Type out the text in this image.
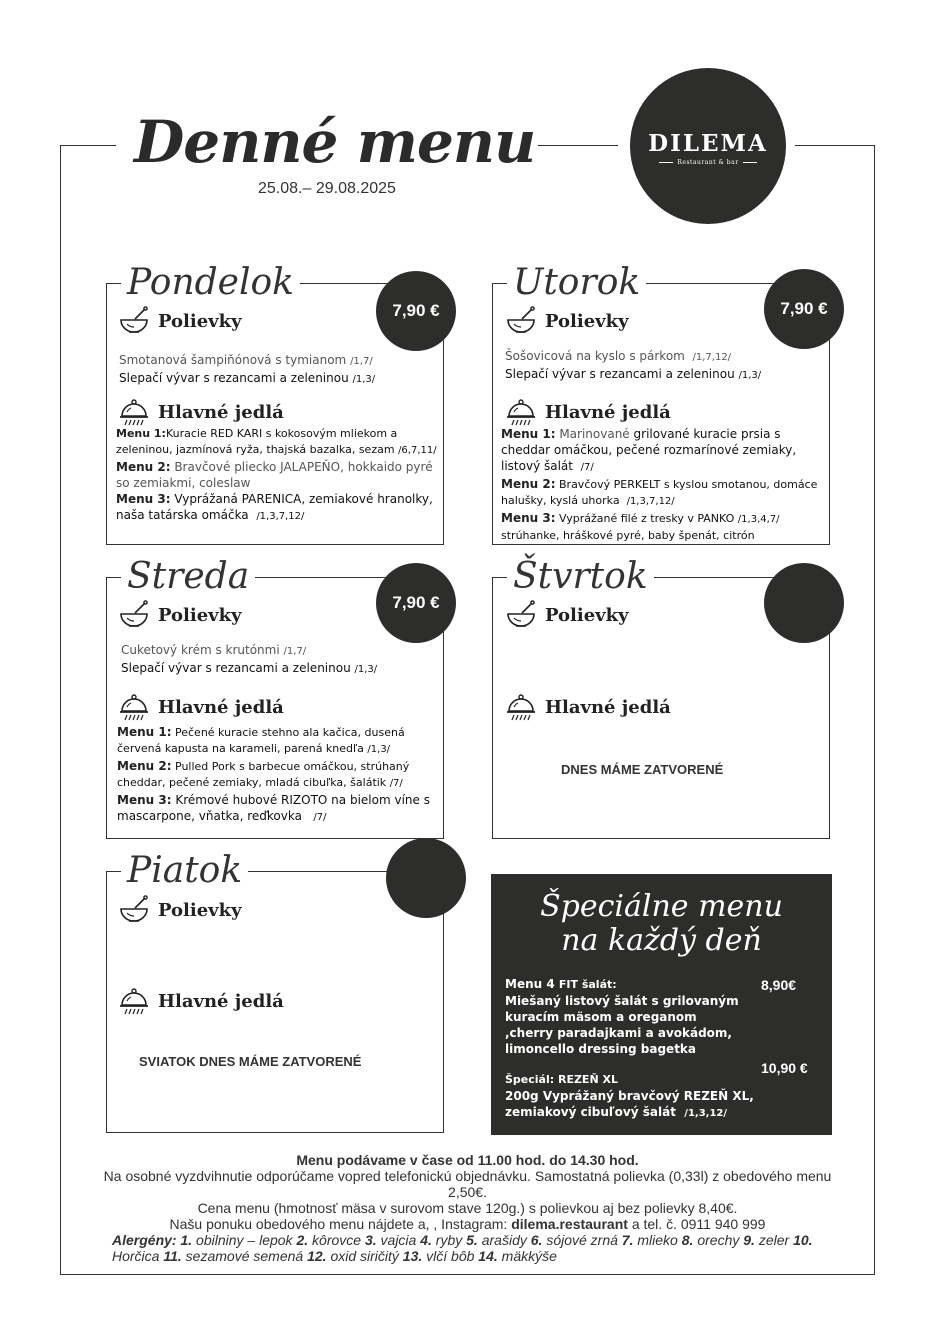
Denné menu
25.08.– 29.08.2025
DILEMA
Restaurant & bar
Pondelok
7,90 €
Polievky
Smotanová šampiňónová s tymianom /1,7/
Slepačí vývar s rezancami a zeleninou /1,3/
Hlavné jedlá
Menu 1:Kuracie RED KARI s kokosovým mliekom a zeleninou, jazmínová ryža, thajská bazalka, sezam /6,7,11/
Menu 2: Bravčové pliecko JALAPEŇO, hokkaido pyré so zemiakmi, coleslaw
Menu 3: Vyprážaná PARENICA, zemiakové hranolky, naša tatárska omáčka /1,3,7,12/
Utorok
7,90 €
Polievky
Šošovicová na kyslo s párkom /1,7,12/
Slepačí vývar s rezancami a zeleninou /1,3/
Hlavné jedlá
Menu 1: Marinované grilované kuracie prsia s cheddar omáčkou, pečené rozmarínové zemiaky, listový šalát /7/
Menu 2: Bravčový PERKELT s kyslou smotanou, domáce halušky, kyslá uhorka /1,3,7,12/
Menu 3: Vyprážané filé z tresky v PANKO /1,3,4,7/
strúhanke, hráškové pyré, baby špenát, citrón
Streda
7,90 €
Polievky
Cuketový krém s krutónmi /1,7/
Slepačí vývar s rezancami a zeleninou /1,3/
Hlavné jedlá
Menu 1: Pečené kuracie stehno ala kačica, dusená červená kapusta na karameli, parená knedľa /1,3/
Menu 2: Pulled Pork s barbecue omáčkou, strúhaný cheddar, pečené zemiaky, mladá cibuľka, šalátik /7/
Menu 3: Krémové hubové RIZOTO na bielom víne s mascarpone, vňatka, reďkovka /7/
Štvrtok
Polievky
Hlavné jedlá
DNES MÁME ZATVORENÉ
Piatok
Polievky
Hlavné jedlá
SVIATOK DNES MÁME ZATVORENÉ
Špeciálne menu
na každý deň
Menu 4 FIT šalát:
Miešaný listový šalát s grilovaným kuracím mäsom a oreganom ,cherry paradajkami a avokádom, limoncello dressing bagetka
8,90€
Špeciál: REZEŇ XL
200g Vyprážaný bravčový REZEŇ XL, zemiakový cibuľový šalát /1,3,12/
10,90 €
Menu podávame v čase od 11.00 hod. do 14.30 hod.
Na osobné vyzdvihnutie odporúčame vopred telefonickú objednávku. Samostatná polievka (0,33l) z obedového menu 2,50€.
Cena menu (hmotnosť mäsa v surovom stave 120g.) s polievkou aj bez polievky 8,40€.
Našu ponuku obedového menu nájdete a, , Instagram: dilema.restaurant a tel. č. 0911 940 999
Alergény: 1. obilniny – lepok 2. kôrovce 3. vajcia 4. ryby 5. arašidy 6. sójové zrná 7. mlieko 8. orechy 9. zeler 10. Horčica 11. sezamové semená 12. oxid siričitý 13. vlčí bôb 14. mäkkýše
